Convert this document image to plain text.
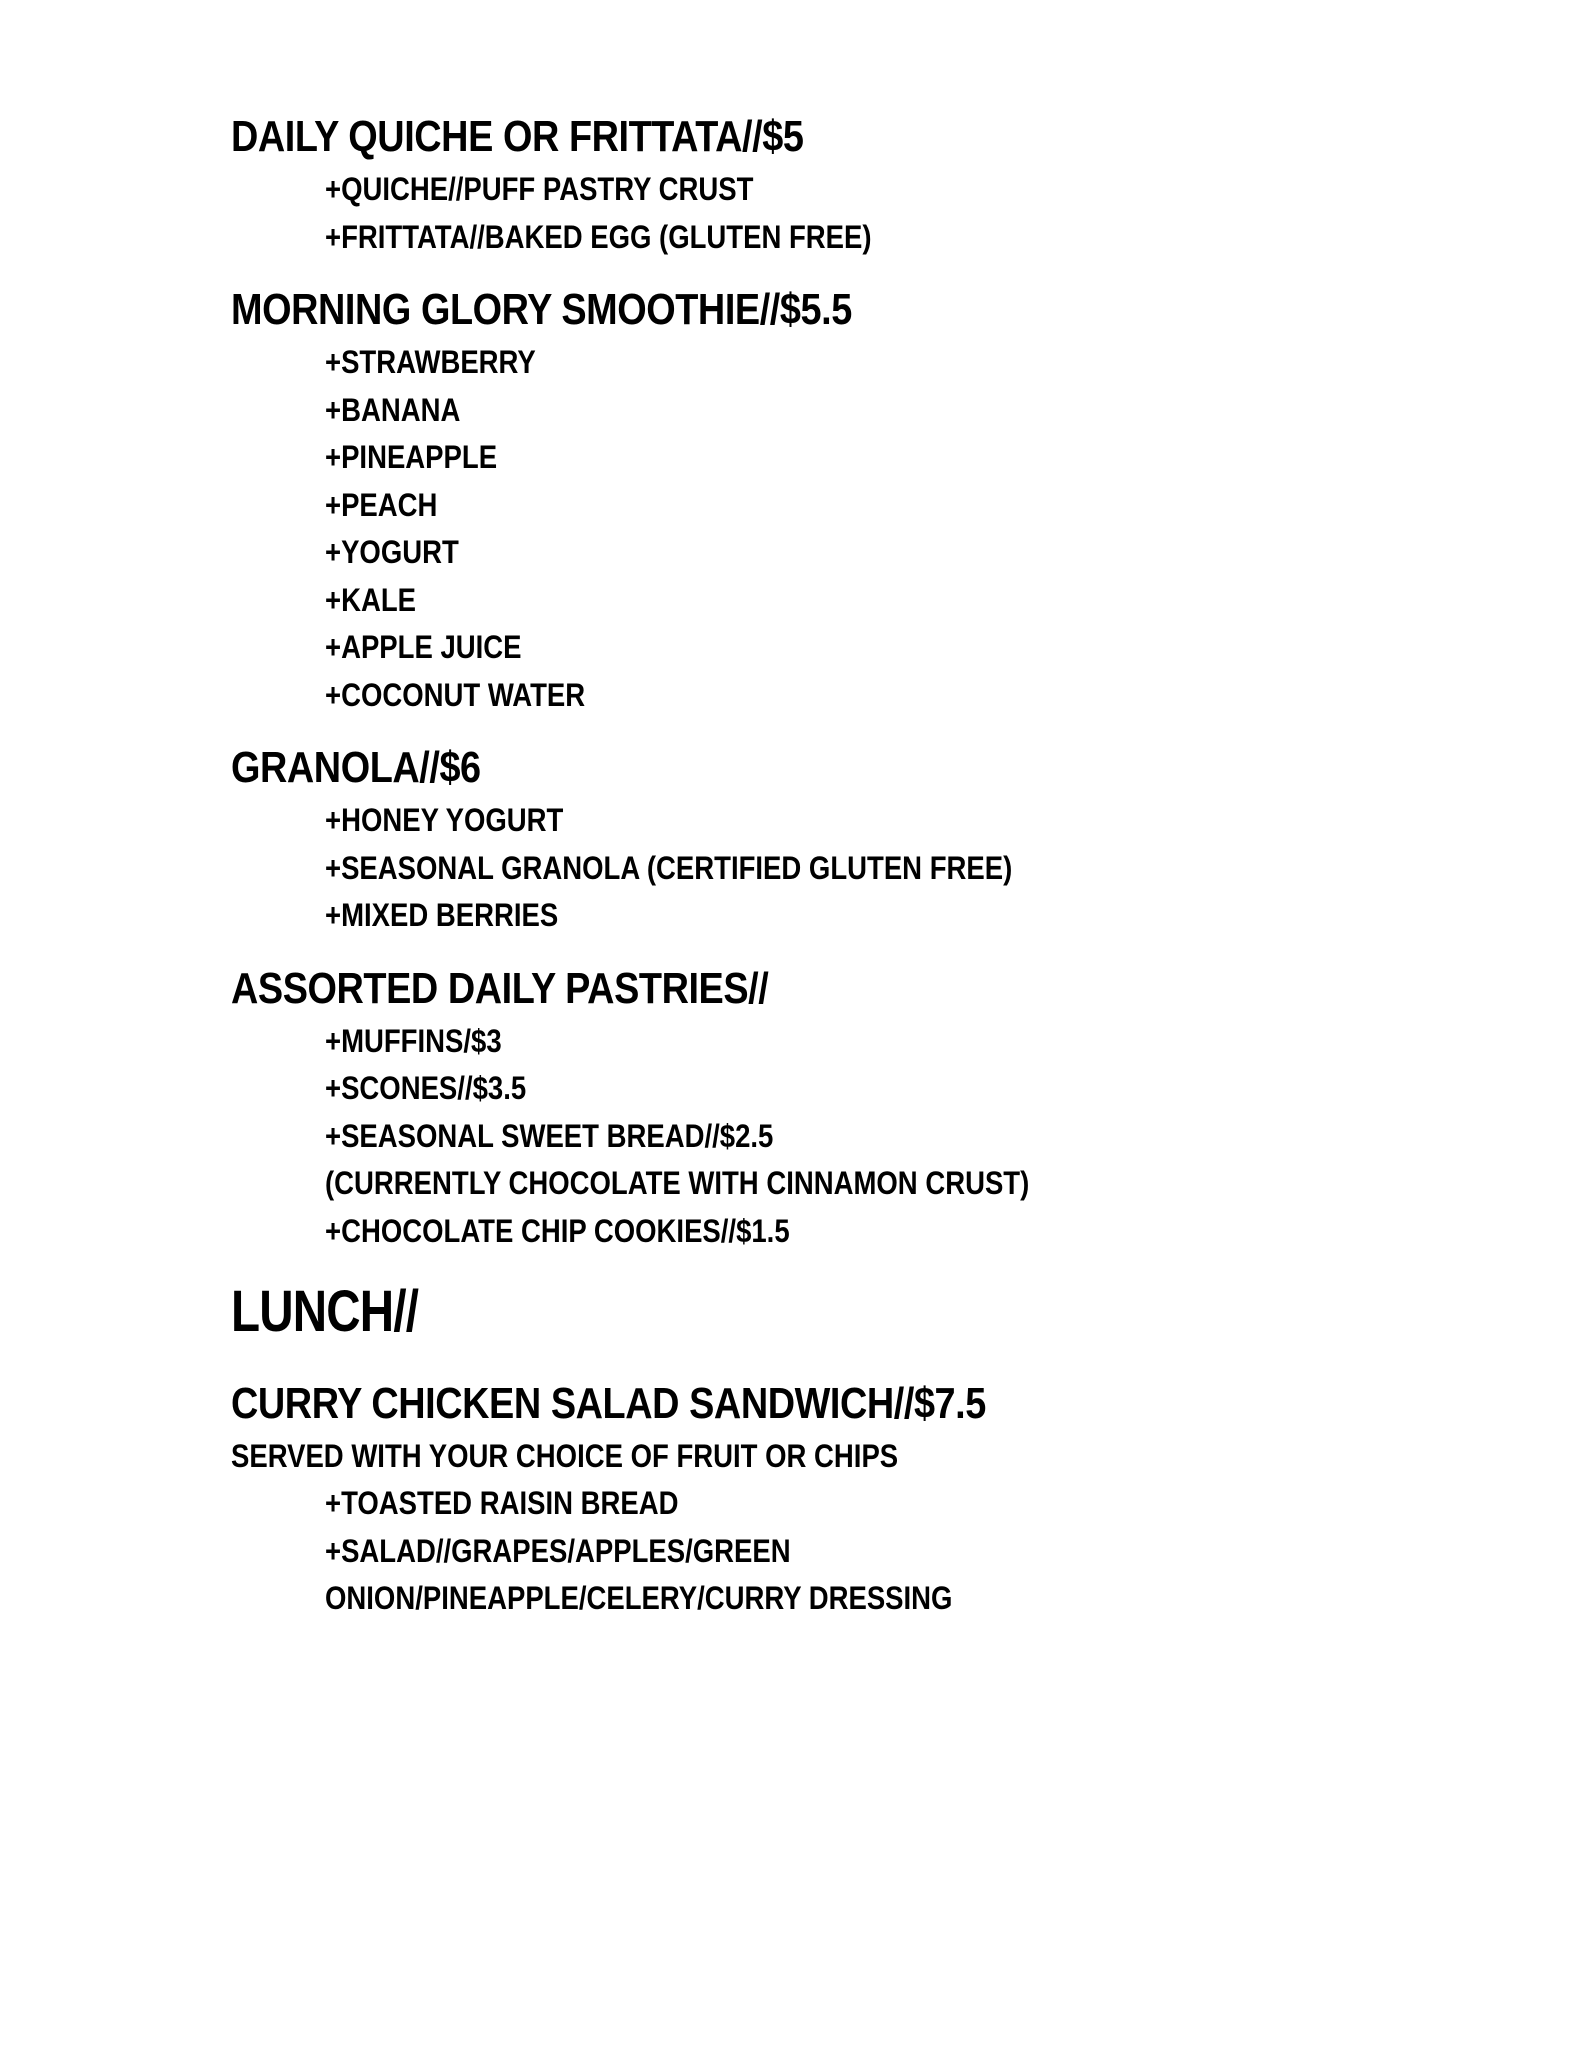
DAILY QUICHE OR FRITTATA//$5
+QUICHE//PUFF PASTRY CRUST
+FRITTATA//BAKED EGG (GLUTEN FREE)
MORNING GLORY SMOOTHIE//$5.5
+STRAWBERRY
+BANANA
+PINEAPPLE
+PEACH
+YOGURT
+KALE
+APPLE JUICE
+COCONUT WATER
GRANOLA//$6
+HONEY YOGURT
+SEASONAL GRANOLA (CERTIFIED GLUTEN FREE)
+MIXED BERRIES
ASSORTED DAILY PASTRIES//
+MUFFINS/$3
+SCONES//$3.5
+SEASONAL SWEET BREAD//$2.5
(CURRENTLY CHOCOLATE WITH CINNAMON CRUST)
+CHOCOLATE CHIP COOKIES//$1.5
LUNCH//
CURRY CHICKEN SALAD SANDWICH//$7.5
SERVED WITH YOUR CHOICE OF FRUIT OR CHIPS
+TOASTED RAISIN BREAD
+SALAD//GRAPES/APPLES/GREEN
ONION/PINEAPPLE/CELERY/CURRY DRESSING
